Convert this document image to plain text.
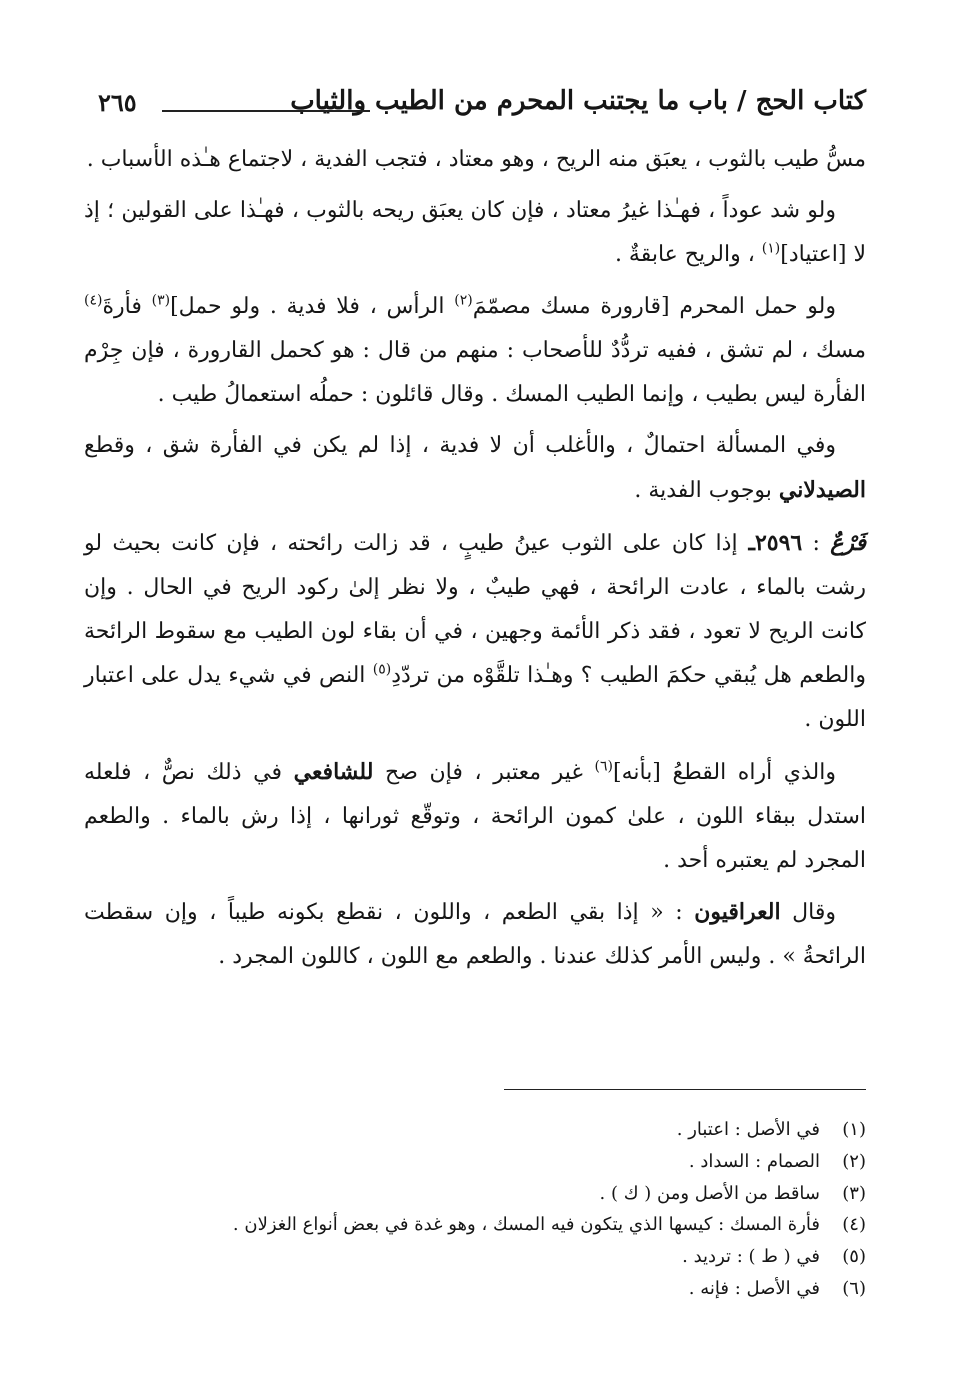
كتاب الحج / باب ما يجتنب المحرم من الطيب والثياب
٢٦٥

مسُّ طيب بالثوب ، يعبَق منه الريح ، وهو معتاد ، فتجب الفدية ، لاجتماع هـٰذه الأسباب .

ولو شد عوداً ، فهـٰذا غيرُ معتاد ، فإن كان يعبَق ريحه بالثوب ، فهـٰذا على القولين ؛ إذ لا [اعتياد]$^{(١)}$ ، والريح عابقةٌ .

ولو حمل المحرم [قارورة مسك مصمّمَ$^{(٢)}$ الرأس ، فلا فدية . ولو حمل]$^{(٣)}$ فأرةَ$^{(٤)}$ مسك ، لم تشق ، ففيه تردُّدٌ للأصحاب : منهم من قال : هو كحمل القارورة ، فإن جِرْم الفأرة ليس بطيب ، وإنما الطيب المسك . وقال قائلون : حملُه استعمالُ طيب .

وفي المسألة احتمالٌ ، والأغلب أن لا فدية ، إذا لم يكن في الفأرة شق ، وقطع الصيدلاني بوجوب الفدية .

فَرْعٌ : ٢٥٩٦ـ إذا كان على الثوب عينُ طيبٍ ، قد زالت رائحته ، فإن كانت بحيث لو رشت بالماء ، عادت الرائحة ، فهي طيبٌ ، ولا نظر إلىٰ ركود الريح في الحال . وإن كانت الريح لا تعود ، فقد ذكر الأئمة وجهين ، في أن بقاء لون الطيب مع سقوط الرائحة والطعم هل يُبقي حكمَ الطيب ؟ وهـٰذا تلقَّوْه من تردّدِ$^{(٥)}$ النص في شيء يدل على اعتبار اللون .

والذي أراه القطعُ [بأنه]$^{(٦)}$ غير معتبر ، فإن صح للشافعي في ذلك نصٌّ ، فلعله استدل ببقاء اللون ، علىٰ كمون الرائحة ، وتوقّع ثورانها ، إذا رش بالماء . والطعم المجرد لم يعتبره أحد .

وقال العراقيون : « إذا بقي الطعم ، واللون ، نقطع بكونه طيباً ، وإن سقطت الرائحةُ » . وليس الأمر كذلك عندنا . والطعم مع اللون ، كاللون المجرد .

(١)
في الأصل : اعتبار .
(٢)
الصمام : السداد .
(٣)
ساقط من الأصل ومن ( ك ) .
(٤)
فأرة المسك : كيسها الذي يتكون فيه المسك ، وهو غدة في بعض أنواع الغزلان .
(٥)
في ( ط ) : ترديد .
(٦)
في الأصل : فإنه .
